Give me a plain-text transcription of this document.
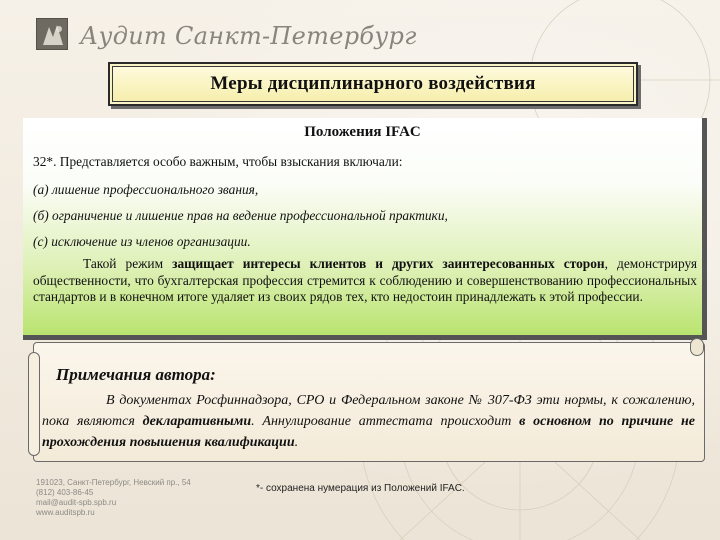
Аудит Санкт-Петербург
Меры дисциплинарного воздействия
Положения IFAC
32*. Представляется особо важным, чтобы взыскания включали:
(а) лишение профессионального звания,
(б) ограничение и лишение прав на ведение профессиональной практики,
(с) исключение из членов организации.
Такой режим защищает интересы клиентов и других заинтересованных сторон, демонстрируя общественности, что бухгалтерская профессия стремится к соблюдению и совершенствованию профессиональных стандартов и в конечном итоге удаляет из своих рядов тех, кто недостоин принадлежать к этой профессии.
Примечания автора:
В документах Росфиннадзора, СРО и Федеральном законе № 307-ФЗ эти нормы, к сожалению, пока являются декларативными. Аннулирование аттестата происходит в основном по причине не прохождения повышения квалификации.
191023, Санкт-Петербург, Невский пр., 54
(812) 403-86-45
mail@audit-spb.spb.ru
www.auditspb.ru
*- сохранена нумерация из Положений IFAC.
